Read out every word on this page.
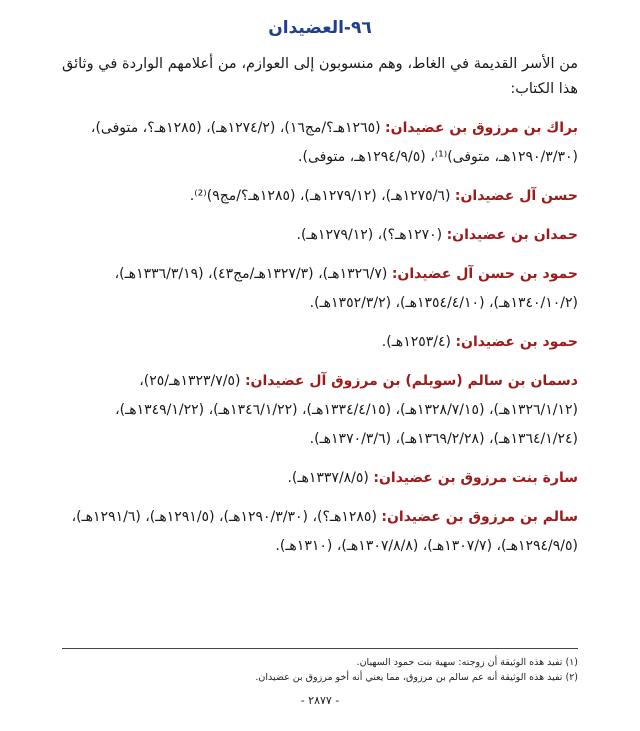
٩٦-العضيدان

من الأسر القديمة في الغاط، وهم منسوبون إلى العوازم، من أعلامهم الواردة في وثائق هذا الكتاب:

براك بن مرزوق بن عضيدان: (١٢٦٥هـ؟/مج١٦)، (١٢٧٤/٢هـ)، (١٢٨٥هـ؟، متوفى)، (١٢٩٠/٣/٣٠هـ، متوفى)⁽¹⁾، (١٢٩٤/٩/٥هـ، متوفى).

حسن آل عضيدان: (١٢٧٥/٦هـ)، (١٢٧٩/١٢هـ)، (١٢٨٥هـ؟/مج٩)⁽²⁾.

حمدان بن عضيدان: (١٢٧٠هـ؟)، (١٢٧٩/١٢هـ).

حمود بن حسن آل عضيدان: (١٣٢٦/٧هـ)، (١٣٢٧/٣هـ/مج٤٣)، (١٣٣٦/٣/١٩هـ)، (١٣٤٠/١٠/٢هـ)، (١٣٥٤/٤/١٠هـ)، (١٣٥٢/٣/٢هـ).

حمود بن عضيدان: (١٢٥٣/٤هـ).

دسمان بن سالم (سويلم) بن مرزوق آل عضيدان: (١٣٢٣/٧/٥هـ/٢٥)، (١٣٢٦/١/١٢هـ)، (١٣٢٨/٧/١٥هـ)، (١٣٣٤/٤/١٥هـ)، (١٣٤٦/١/٢٢هـ)، (١٣٤٩/١/٢٢هـ)، (١٣٦٤/١/٢٤هـ)، (١٣٦٩/٢/٢٨هـ)، (١٣٧٠/٣/٦هـ).

سارة بنت مرزوق بن عضيدان: (١٣٣٧/٨/٥هـ).

سالم بن مرزوق بن عضيدان: (١٢٨٥هـ؟)، (١٢٩٠/٣/٣٠هـ)، (١٢٩١/٥هـ)، (١٢٩١/٦هـ)، (١٢٩٤/٩/٥هـ)، (١٣٠٧/٧هـ)، (١٣٠٧/٨/٨هـ)، (١٣١٠هـ).

(١) تفيد هذه الوثيقة أن زوجته: سهية بنت حمود السهيان.
(٢) تفيد هذه الوثيقة أنه عم سالم بن مرزوق، مما يعني أنه أخو مرزوق بن عضيدان.
- ٢٨٧٧ -
